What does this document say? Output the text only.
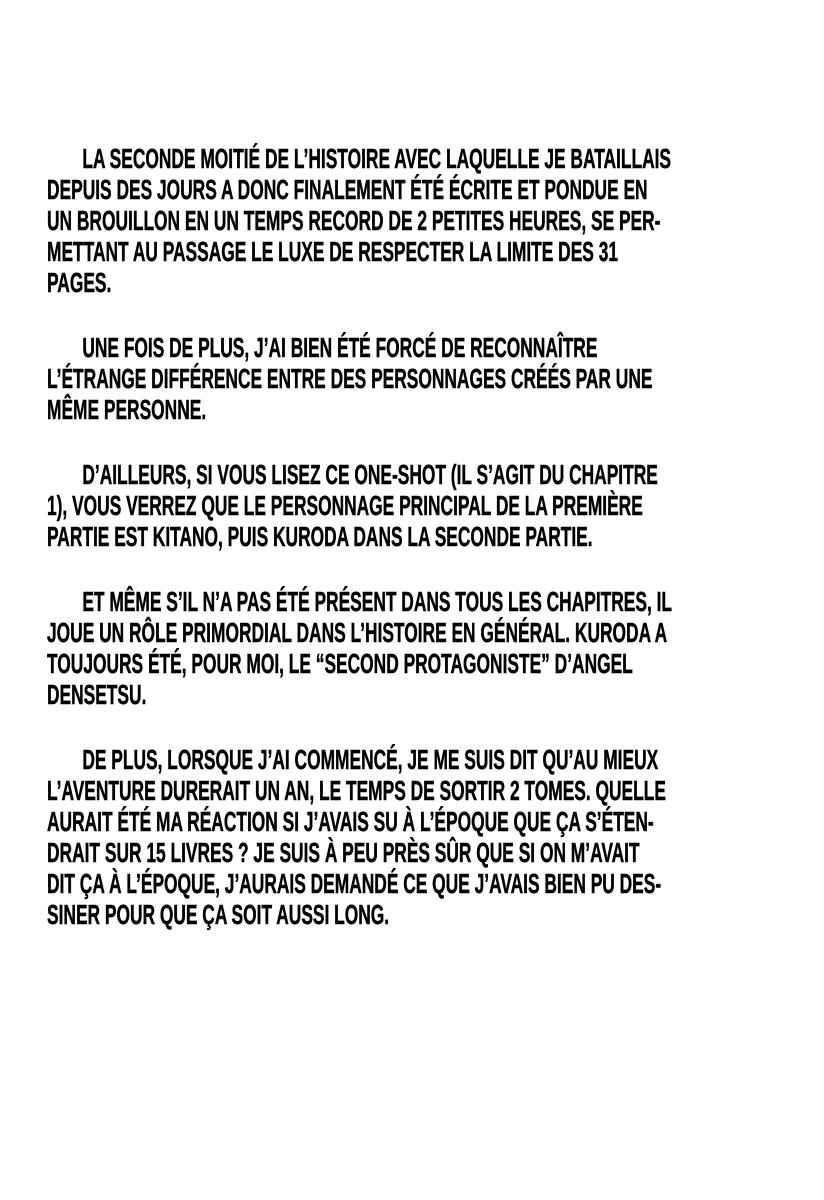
LA SECONDE MOITIÉ DE L’HISTOIRE AVEC LAQUELLE JE BATAILLAIS
DEPUIS DES JOURS A DONC FINALEMENT ÉTÉ ÉCRITE ET PONDUE EN
UN BROUILLON EN UN TEMPS RECORD DE 2 PETITES HEURES, SE PER-
METTANT AU PASSAGE LE LUXE DE RESPECTER LA LIMITE DES 31
PAGES.
UNE FOIS DE PLUS, J’AI BIEN ÉTÉ FORCÉ DE RECONNAÎTRE
L’ÉTRANGE DIFFÉRENCE ENTRE DES PERSONNAGES CRÉÉS PAR UNE
MÊME PERSONNE.
D’AILLEURS, SI VOUS LISEZ CE ONE-SHOT (IL S’AGIT DU CHAPITRE
1), VOUS VERREZ QUE LE PERSONNAGE PRINCIPAL DE LA PREMIÈRE
PARTIE EST KITANO, PUIS KURODA DANS LA SECONDE PARTIE.
ET MÊME S’IL N’A PAS ÉTÉ PRÉSENT DANS TOUS LES CHAPITRES, IL
JOUE UN RÔLE PRIMORDIAL DANS L’HISTOIRE EN GÉNÉRAL. KURODA A
TOUJOURS ÉTÉ, POUR MOI, LE “SECOND PROTAGONISTE” D’ANGEL
DENSETSU.
DE PLUS, LORSQUE J’AI COMMENCÉ, JE ME SUIS DIT QU’AU MIEUX
L’AVENTURE DURERAIT UN AN, LE TEMPS DE SORTIR 2 TOMES. QUELLE
AURAIT ÉTÉ MA RÉACTION SI J’AVAIS SU À L’ÉPOQUE QUE ÇA S’ÉTEN-
DRAIT SUR 15 LIVRES ? JE SUIS À PEU PRÈS SÛR QUE SI ON M’AVAIT
DIT ÇA À L’ÉPOQUE, J’AURAIS DEMANDÉ CE QUE J’AVAIS BIEN PU DES-
SINER POUR QUE ÇA SOIT AUSSI LONG.
